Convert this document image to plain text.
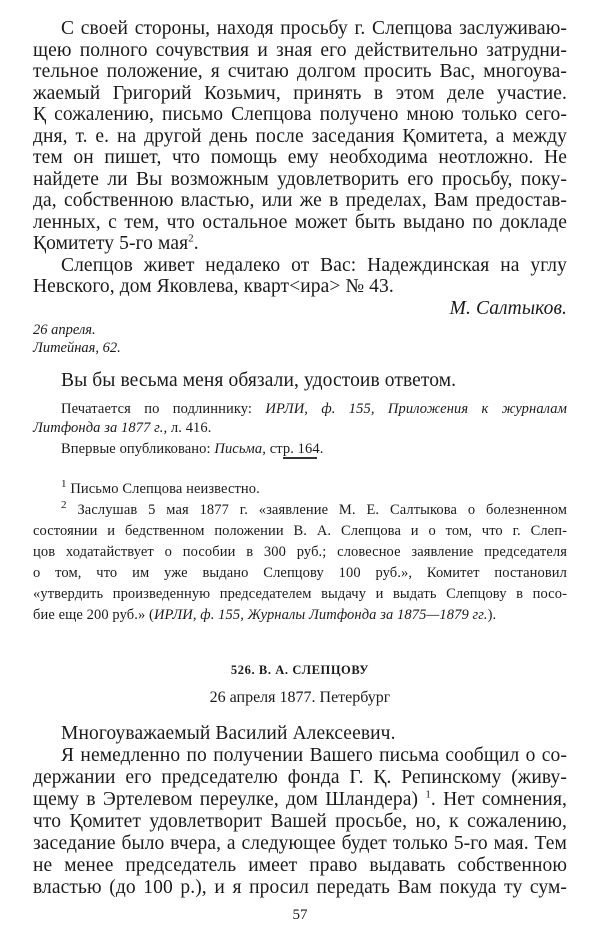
С своей стороны, находя просьбу г. Слепцова заслуживаю-
щею полного сочувствия и зная его действительно затрудни-
тельное положение, я считаю долгом просить Вас, многоува-
жаемый Григорий Козьмич, принять в этом деле участие.
Қ сожалению, письмо Слепцова получено мною только сего-
дня, т. е. на другой день после заседания Қомитета, а между
тем он пишет, что помощь ему необходима неотложно. Не
найдете ли Вы возможным удовлетворить его просьбу, поку-
да, собственною властью, или же в пределах, Вам предостав-
ленных, с тем, что остальное может быть выдано по докладе
Қомитету 5-го мая$^2$.
Слепцов живет недалеко от Вас: Надеждинская на углу
Невского, дом Яковлева, кварт<ира> № 43.
М. Салтыков.
26 апреля.
Литейная, 62.
Вы бы весьма меня обязали, удостоив ответом.
Печатается по подлиннику: ИРЛИ, ф. 155, Приложения к журналам
Литфонда за 1877 г., л. 416.
Впервые опубликовано: Письма, стр. 164.
$^1$ Письмо Слепцова неизвестно.
$^2$ Заслушав 5 мая 1877 г. «заявление М. Е. Салтыкова о болезненном
состоянии и бедственном положении В. А. Слепцова и о том, что г. Слеп-
цов ходатайствует о пособии в 300 руб.; словесное заявление председателя
о том, что им уже выдано Слепцову 100 руб.», Комитет постановил
«утвердить произведенную председателем выдачу и выдать Слепцову в посо-
бие еще 200 руб.» (ИРЛИ, ф. 155, Журналы Литфонда за 1875—1879 гг.).
526. В. А. СЛЕПЦОВУ
26 апреля 1877. Петербург
Многоуважаемый Василий Алексеевич.
Я немедленно по получении Вашего письма сообщил о со-
держании его председателю фонда Г. Қ. Репинскому (живу-
щему в Эртелевом переулке, дом Шландера) $^1$. Нет сомнения,
что Қомитет удовлетворит Вашей просьбе, но, к сожалению,
заседание было вчера, а следующее будет только 5-го мая. Тем
не менее председатель имеет право выдавать собственною
властью (до 100 р.), и я просил передать Вам покуда ту сум-
57
